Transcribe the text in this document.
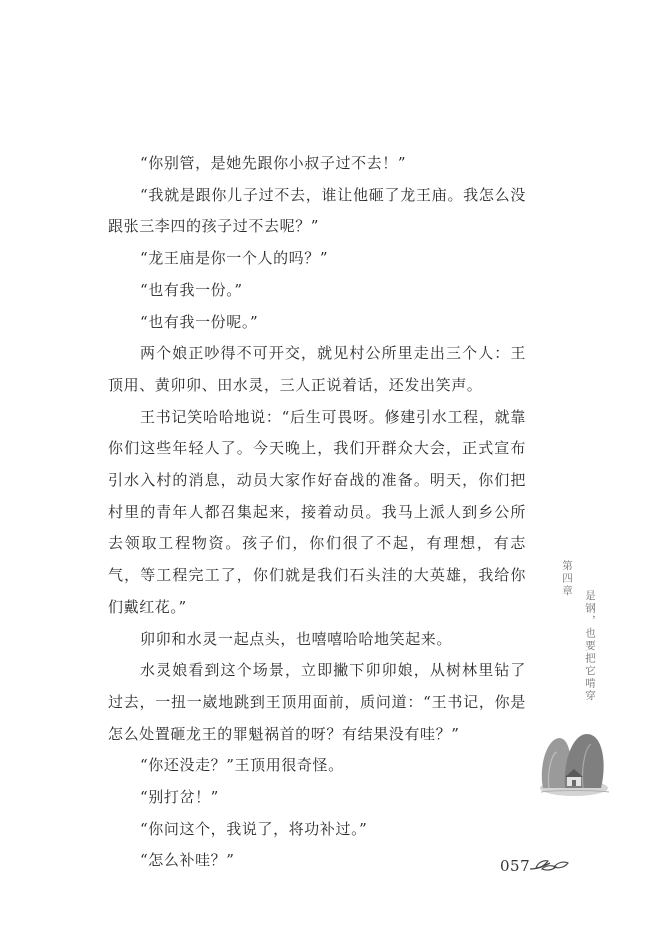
“你别管，是她先跟你小叔子过不去！”

“我就是跟你儿子过不去，谁让他砸了龙王庙。我怎么没跟张三李四的孩子过不去呢？”

“龙王庙是你一个人的吗？”

“也有我一份。”

“也有我一份呢。”

两个娘正吵得不可开交，就见村公所里走出三个人：王顶用、黄卯卯、田水灵，三人正说着话，还发出笑声。

王书记笑哈哈地说：“后生可畏呀。修建引水工程，就靠你们这些年轻人了。今天晚上，我们开群众大会，正式宣布引水入村的消息，动员大家作好奋战的准备。明天，你们把村里的青年人都召集起来，接着动员。我马上派人到乡公所去领取工程物资。孩子们，你们很了不起，有理想，有志气，等工程完工了，你们就是我们石头洼的大英雄，我给你们戴红花。”

卯卯和水灵一起点头，也嘻嘻哈哈地笑起来。

水灵娘看到这个场景，立即撇下卯卯娘，从树林里钻了过去，一扭一崴地跳到王顶用面前，质问道：“王书记，你是怎么处置砸龙王的罪魁祸首的呀？有结果没有哇？”

“你还没走？”王顶用很奇怪。

“别打岔！”

“你问这个，我说了，将功补过。”

“怎么补哇？”

第四章
是钢，也要把它啃穿
057
